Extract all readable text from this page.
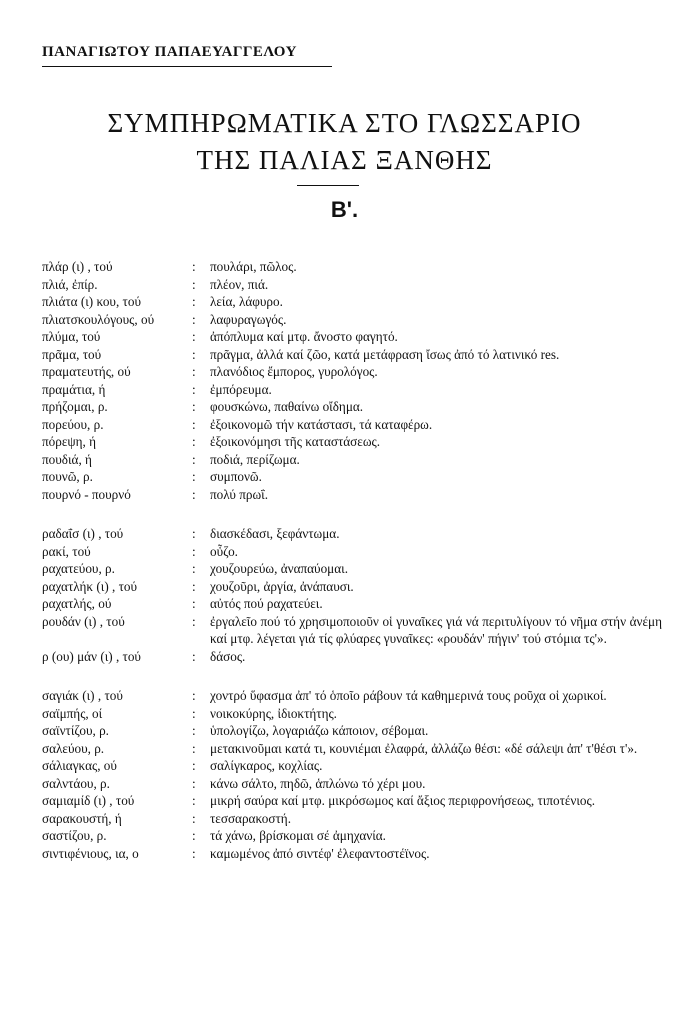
ΠΑΝΑΓΙΩΤΟΥ ΠΑΠΑΕΥΑΓΓΕΛΟΥ
ΣΥΜΠΗΡΩΜΑΤΙΚΑ ΣΤΟ ΓΛΩΣΣΑΡΙΟ
ΤΗΣ ΠΑΛΙΑΣ ΞΑΝΘΗΣ
Β'.
πλάρ (ι) , τού	:	πουλάρι, πῶλος.
πλιά, ἐπίρ.	:	πλέον, πιά.
πλιάτα (ι) κου, τού	:	λεία, λάφυρο.
πλιατσκουλόγους, ού	:	λαφυραγωγός.
πλύμα, τού	:	ἀπόπλυμα καί μτφ. ἄνοστο φαγητό.
πρᾶμα, τού	:	πρᾶγμα, ἀλλά καί ζῶο, κατά μετάφραση ἴσως ἀπό τό λατινικό res.
πραματευτής, ού	:	πλανόδιος ἔμπορος, γυρολόγος.
πραμάτια, ή	:	ἐμπόρευμα.
πρήζομαι, ρ.	:	φουσκώνω, παθαίνω οἴδημα.
πορεύου, ρ.	:	ἐξοικονομῶ τήν κατάστασι, τά καταφέρω.
πόρεψη, ή	:	ἐξοικονόμησι τῆς καταστάσεως.
πουδιά, ή	:	ποδιά, περίζωμα.
πουνῶ, ρ.	:	συμπονῶ.
πουρνό - πουρνό	:	πολύ πρωΐ.
ραδαΐσ (ι) , τού	:	διασκέδασι, ξεφάντωμα.
ρακί, τού	:	οὖζο.
ραχατεύου, ρ.	:	χουζουρεύω, ἀναπαύομαι.
ραχατλήκ (ι) , τού	:	χουζοῦρι, ἀργία, ἀνάπαυσι.
ραχατλής, ού	:	αὐτός πού ραχατεύει.
ρουδάν (ι) , τού	:	ἐργαλεῖο πού τό χρησιμοποιοῦν οἱ γυναῖκες γιά νά περιτυλίγουν τό νῆμα στήν ἀνέμη καί μτφ. λέγεται γιά τίς φλύαρες γυναῖκες: «ρουδάν' πήγιν' τού στόμια τς'».
ρ (ου) μάν (ι) , τού	:	δάσος.
σαγιάκ (ι) , τού	:	χοντρό ὕφασμα ἀπ' τό ὁποῖο ράβουν τά καθημερινά τους ροῦχα οἱ χωρικοί.
σαϊμπής, οί	:	νοικοκύρης, ἰδιοκτήτης.
σαϊντίζου, ρ.	:	ὑπολογίζω, λογαριάζω κάποιον, σέβομαι.
σαλεύου, ρ.	:	μετακινοῦμαι κατά τι, κουνιέμαι ἐλαφρά, ἀλλάζω θέσι: «δέ σάλεψι ἀπ' τ'θέσι τ'».
σάλιαγκας, ού	:	σαλίγκαρος, κοχλίας.
σαλντάου, ρ.	:	κάνω σάλτο, πηδῶ, ἁπλώνω τό χέρι μου.
σαμιαμίδ (ι) , τού	:	μικρή σαύρα καί μτφ. μικρόσωμος καί ἄξιος περιφρονήσεως, τιποτένιος.
σαρακουστή, ή	:	τεσσαρακοστή.
σαστίζου, ρ.	:	τά χάνω, βρίσκομαι σέ ἀμηχανία.
σιντιφένιους, ια, ο	:	καμωμένος ἀπό σιντέφ' ἐλεφαντοστέϊνος.
